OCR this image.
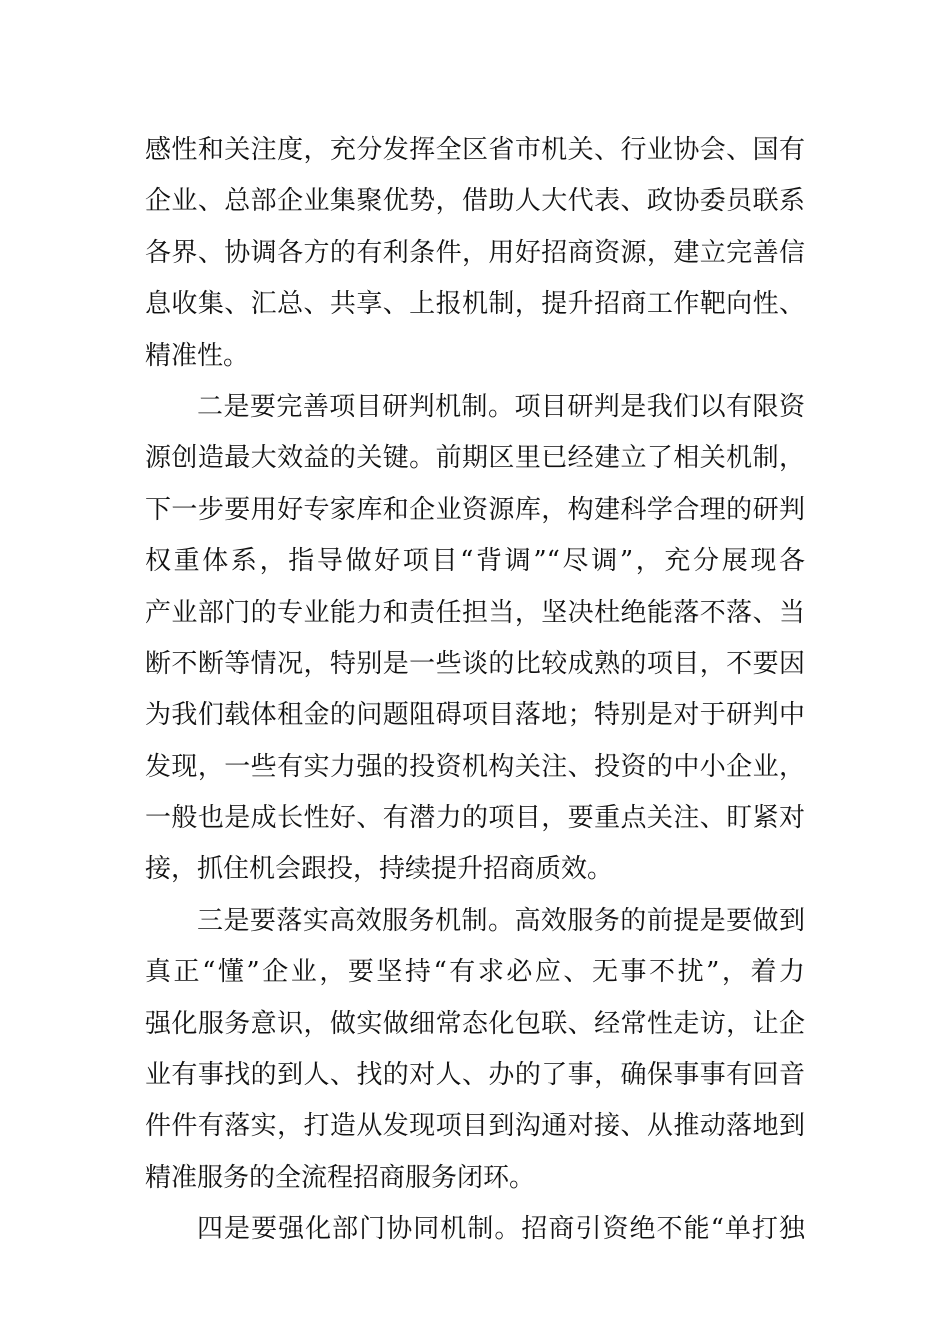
感性和关注度，充分发挥全区省市机关、行业协会、国有
企业、总部企业集聚优势，借助人大代表、政协委员联系
各界、协调各方的有利条件，用好招商资源，建立完善信
息收集、汇总、共享、上报机制，提升招商工作靶向性、
精准性。
二是要完善项目研判机制。项目研判是我们以有限资
源创造最大效益的关键。前期区里已经建立了相关机制，
下一步要用好专家库和企业资源库，构建科学合理的研判
权重体系，指导做好项目“背调”“尽调”，充分展现各
产业部门的专业能力和责任担当，坚决杜绝能落不落、当
断不断等情况，特别是一些谈的比较成熟的项目，不要因
为我们载体租金的问题阻碍项目落地；特别是对于研判中
发现，一些有实力强的投资机构关注、投资的中小企业，
一般也是成长性好、有潜力的项目，要重点关注、盯紧对
接，抓住机会跟投，持续提升招商质效。
三是要落实高效服务机制。高效服务的前提是要做到
真正“懂”企业，要坚持“有求必应、无事不扰”，着力
强化服务意识，做实做细常态化包联、经常性走访，让企
业有事找的到人、找的对人、办的了事，确保事事有回音
件件有落实，打造从发现项目到沟通对接、从推动落地到
精准服务的全流程招商服务闭环。
四是要强化部门协同机制。招商引资绝不能“单打独
